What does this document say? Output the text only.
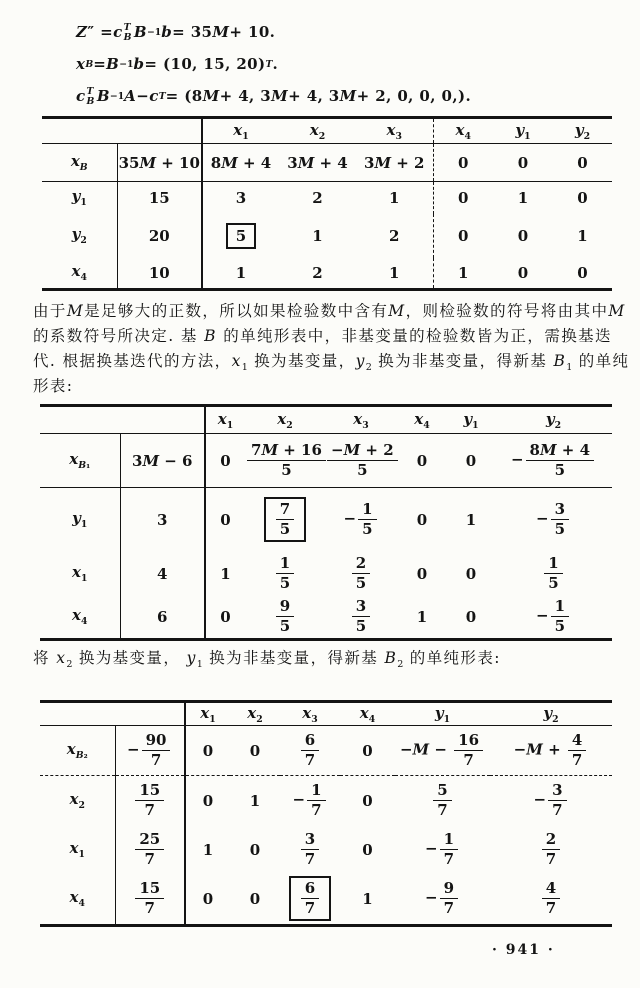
Z ″ = c T
B B −1 b = 35 M + 10.
x B = B −1 b = (10, 15, 20) T .
c T
B B −1 A − c T = (8 M + 4, 3 M + 4, 3 M + 2, 0, 0, 0,).
		$x_1$	$x_2$	$x_3$	$x_4$	$y_1$	$y_2$
$x_B$	35M + 10	8M + 4	3M + 4	3M + 2	0	0	0
$y_1$	15	3	2	1	0	1	0
$y_2$	20	5	1	2	0	0	1
$x_4$	10	1	2	1	1	0	0
由于M是足够大的正数，所以如果检验数中含有M，则检验数的符号将由其中M
的系数符号所决定. 基 B 的单纯形表中，非基变量的检验数皆为正，需换基迭
代. 根据换基迭代的方法，$x_1$ 换为基变量，$y_2$ 换为非基变量，得新基 $B_1$ 的单纯
形表:
		$x_1$	$x_2$	$x_3$	$x_4$	$y_1$	$y_2$
$x_{B_1}$	3M − 6	0	$\frac{7M + 16}{5}$	$\frac{-M + 2}{5}$	0	0	− $\frac{8M + 4}{5}$

$y_1$	3	0	$\frac{7}{5}$	− $\frac{1}{5}$	0	1	− $\frac{3}{5}$

$x_1$	4	1	$\frac{1}{5}$	$\frac{2}{5}$	0	0	$\frac{1}{5}$

$x_4$	6	0	$\frac{9}{5}$	$\frac{3}{5}$	1	0	− $\frac{1}{5}$
将 $x_2$ 换为基变量， $y_1$ 换为非基变量，得新基 $B_2$ 的单纯形表:
		$x_1$	$x_2$	$x_3$	$x_4$	$y_1$	$y_2$
$x_{B_2}$	− $\frac{90}{7}$	0	0	$\frac{6}{7}$	0	$-M - \frac{16}{7}$	$-M + \frac{4}{7}$

$x_2$	$\frac{15}{7}$	0	1	− $\frac{1}{7}$	0	$\frac{5}{7}$	− $\frac{3}{7}$

$x_1$	$\frac{25}{7}$	1	0	$\frac{3}{7}$	0	− $\frac{1}{7}$	$\frac{2}{7}$

$x_4$	$\frac{15}{7}$	0	0	$\frac{6}{7}$	1	− $\frac{9}{7}$	$\frac{4}{7}$
· 941 ·
